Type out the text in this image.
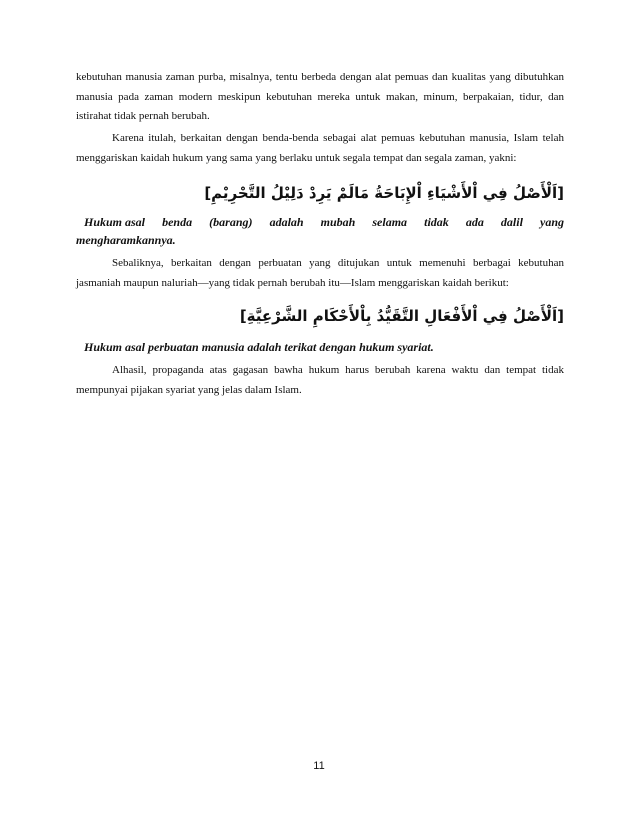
kebutuhan manusia zaman purba, misalnya, tentu berbeda dengan alat pemuas dan kualitas yang dibutuhkan manusia pada zaman modern meskipun kebutuhan mereka untuk makan, minum, berpakaian, tidur, dan istirahat tidak pernah berubah.

Karena itulah, berkaitan dengan benda-benda sebagai alat pemuas kebutuhan manusia, Islam telah menggariskan kaidah hukum yang sama yang berlaku untuk segala tempat dan segala zaman, yakni:

[اَلْأَصْلُ فِي اْلأَشْيَاءِ اْلإِبَاحَةُ مَالَمْ يَرِدْ دَلِيْلُ التَّحْرِيْمِ]

Hukum asal benda (barang) adalah mubah selama tidak ada dalil yang

mengharamkannya.

Sebaliknya, berkaitan dengan perbuatan yang ditujukan untuk memenuhi berbagai kebutuhan jasmaniah maupun naluriah—yang tidak pernah berubah itu—Islam menggariskan kaidah berikut:

[اَلْأَصْلُ فِي اْلأَفْعَالِ التَّقَيُّدُ بِاْلأَحْكَامِ الشَّرْعِيَّةِ]

Hukum asal perbuatan manusia adalah terikat dengan hukum syariat.

Alhasil, propaganda atas gagasan bawha hukum harus berubah karena waktu dan tempat tidak mempunyai pijakan syariat yang jelas dalam Islam.

11
